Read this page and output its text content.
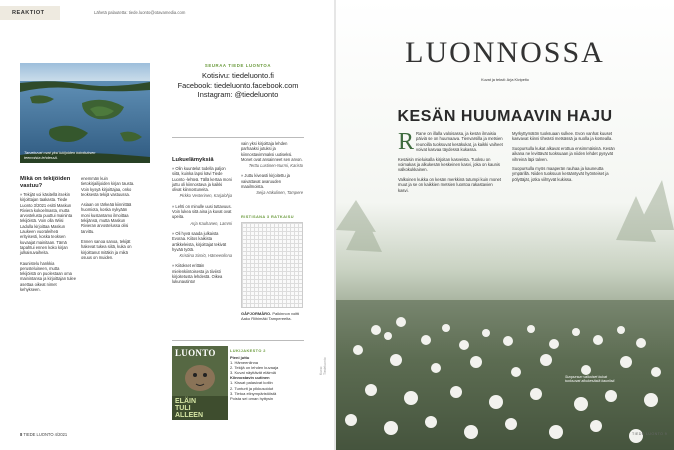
REAKTIOT	Lähetä palautetta: tiede.luonto@otavamedia.com
Tarvekuvat ovat yksi lukijoiden toimituksen teemoista lehdessä.
Mikä on tekijöiden vastuu?

» Tekijät voi käsitellä itsekin kirjoittajan taakasta. Tiede Luonto 3/2021 esitti Maskun Riviera kokoelmasta, mutta arvostelusta puuttui maininta tekijöistä. Voin olla Wiisi Ladulla kirjoittaa Maskun Laukeen vuoraleiheä erityisesti, koska teoksen kuvaajat mainitaan. Tämä tapahtui ennen koko kirjan julkaisuvaiheita.

Kaunistelu hankkia perusteluineen, mutta tekijöistä on puolestaan oma mainintansa ja kirjoittajan tulee asettaa oikeat nimet kehykseen.

enemmän kuin tietokirjailijoiden kirjan tausta. Voin kysyä kirjoittajaa, onko teoksesta tekijä vastuussa.

Asiaan on tärkeää kiinnittää huomiota, koska nykyään moni kustantamo ilmoittaa tekijänsä, mutta Maskun Rivieran arvostelussa olisi tarvittu.

Ennen sanoa sanoa, tekijät hakevat tukea siitä, kuka on kirjoittanut mitäkin ja mikä osuus on muiden.

SEURAA TIEDE LUONTOA
Kotisivu: tiedeluonto.fi
Facebook: tiedeluonto.facebook.com
Instagram: @tiedeluonto
Lukuelämyksiä

» Olin kuuntelut todella paljon siitä, kuinka lapsi kävi Tiede Luonto -lehteä. Tällä kertaa moni juttu oli kiinnostava ja kaikki olivat kiinnostuneita.

Pirkko Vesterinen, Karjalohja

» Lehti on minulle uusi tuttavuus. Voin lukea sitä aina ja kuvat ovat upeita.

Arja Kauhanen, Lammi

» Oli hyvä saada julkaista Evoraa. Kiitos kaikista artikkeleista, kirjoittajat tekivät hyvää työtä.

Kristiina Sirniö, Hämeenlinna

» Kiitokset erittäin mielenkiintoisesta ja tiiviisti kirjoitetusta lehdestä. Oikea lukunautinto!

vain yksi kirjoittaja lehden parhaaksi jutuksi ja kiinnostavimmaksi uutiseksi. Monet ovat ansainneet sen arvon.

Terttu Lustinen-Nurmi, Karisto

» Juttu kiveasti kirjoitettu ja vaivattavat avaruuden maailmoista.

Seija Hakulinen, Tampere

RISTISANA 3 RATKAISU
GÅPJORMÅRO. Palkinnon voitti Aako Riihimäki Tampereelta.
LUONTO
ELÄIN
TULI
ALLEEN
LUKIJAKESTO 2
Pieni juttu
1. Hämeenlinna
2. Tekijä on lehden kuvaaja
3. Kuvat näyttävät eläimiä
Kiinnostavin uutinen
1. Kissat palasivat kotiin
2. Tunturit ja pikkusoidut
3. Tietoa elinympäristöistä
Poista sei oman hyttysin
8 TIEDE LUONTO 4/2021
Kuva: Tiedeluonto
LUONNOSSA
Kuvat ja teksti: Arja Kivipelto
KESÄN HUUMAAVIN HAJU

R Rane on illalla valoisassa, ja kesän ilmaisia päiviä se on huumaava. Tienvarsilla ja metsien reunoilla tuoksuvat kesäkukat, ja kaikki vaiheet voivat kasvaa täydessä kukassa.

Kesäisin mieluisalla kirjoitan kasveista. Tuoksu on voimakas ja alkukesän keskeinen kasvi, joka on kaunis valkokukkainen.

Valkoinen kukka on kesän merkkinä tutumpi kuin monet muut ja se on kaikkien metsien luontoa rakastavien kasvi.

Myrkyttymätön tuoksuaan sulkee. Evon vanhat kuuset kasvavat kiinni tiheästi metsässä ja suolla ja kostealla.

Suopursulla kukat alkavat erottua ensimmäisinä. Kesän aikana ne levittävät tuoksuaan ja niiden lehdet pysyvät vihreinä läpi talven.

Suopursulla myös maaperän rauhaa ja kauneutta ympärillä. Niiden tuoksuun kerääntyvät hyönteiset ja pölyttäjät, jotka viihtyvät kukissa.

Suopursun valkoiset kukat tuoksuvat alkukesästä kauniisti.
TIEDE LUONTO 9
